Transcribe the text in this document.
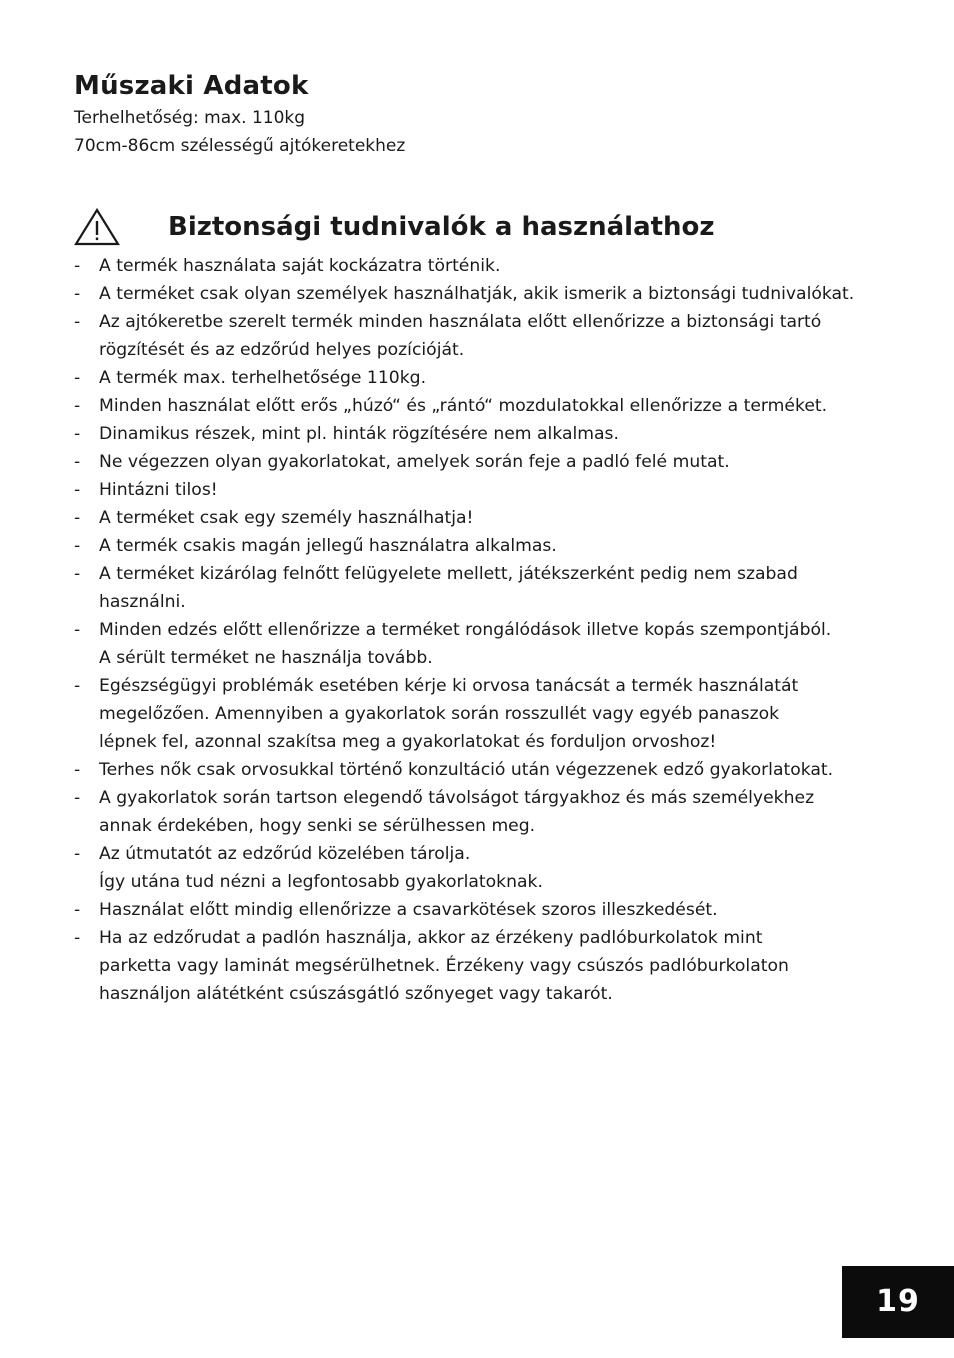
Műszaki Adatok

Terhelhetőség: max. 110kg

70cm-86cm szélességű ajtókeretekhez

Biztonsági tudnivalók a használathoz
-	A termék használata saját kockázatra történik.
-	A terméket csak olyan személyek használhatják, akik ismerik a biztonsági tudnivalókat.
-	Az ajtókeretbe szerelt termék minden használata előtt ellenőrizze a biztonsági tartó
rögzítését és az edzőrúd helyes pozícióját.
-	A termék max. terhelhetősége 110kg.
-	Minden használat előtt erős „húzó“ és „rántó“ mozdulatokkal ellenőrizze a terméket.
-	Dinamikus részek, mint pl. hinták rögzítésére nem alkalmas.
-	Ne végezzen olyan gyakorlatokat, amelyek során feje a padló felé mutat.
-	Hintázni tilos!
-	A terméket csak egy személy használhatja!
-	A termék csakis magán jellegű használatra alkalmas.
-	A terméket kizárólag felnőtt felügyelete mellett, játékszerként pedig nem szabad
használni.
-	Minden edzés előtt ellenőrizze a terméket rongálódások illetve kopás szempontjából.
A sérült terméket ne használja tovább.
-	Egészségügyi problémák esetében kérje ki orvosa tanácsát a termék használatát
megelőzően. Amennyiben a gyakorlatok során rosszullét vagy egyéb panaszok
lépnek fel, azonnal szakítsa meg a gyakorlatokat és forduljon orvoshoz!
-	Terhes nők csak orvosukkal történő konzultáció után végezzenek edző gyakorlatokat.
-	A gyakorlatok során tartson elegendő távolságot tárgyakhoz és más személyekhez
annak érdekében, hogy senki se sérülhessen meg.
-	Az útmutatót az edzőrúd közelében tárolja.
Így utána tud nézni a legfontosabb gyakorlatoknak.
-	Használat előtt mindig ellenőrizze a csavarkötések szoros illeszkedését.
-	Ha az edzőrudat a padlón használja, akkor az érzékeny padlóburkolatok mint
parketta vagy laminát megsérülhetnek. Érzékeny vagy csúszós padlóburkolaton
használjon alátétként csúszásgátló szőnyeget vagy takarót.
19
